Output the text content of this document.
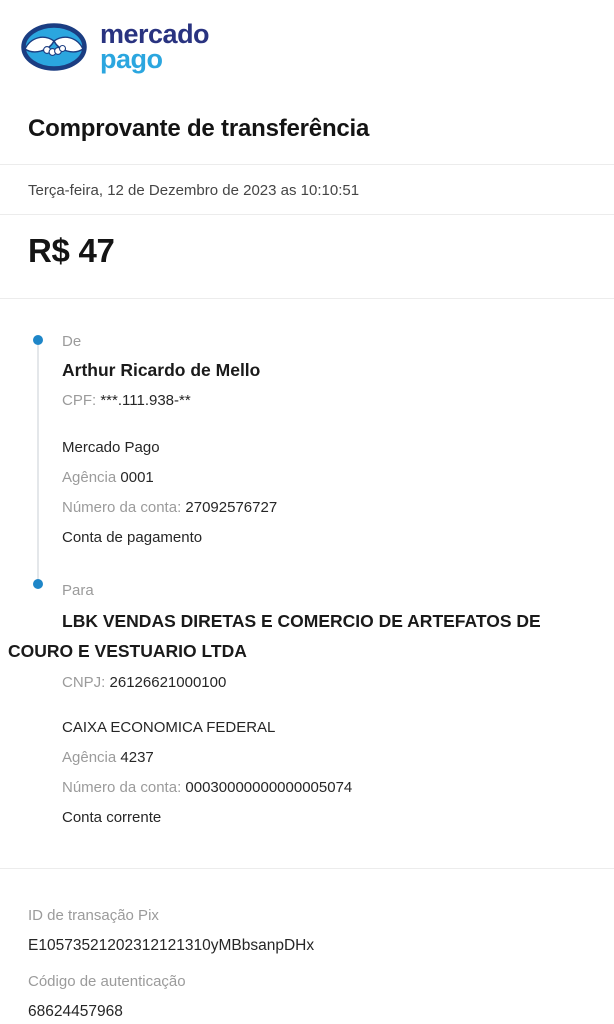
mercado
pago
Comprovante de transferência
Terça-feira, 12 de Dezembro de 2023 as 10:10:51
R$ 47
De
Arthur Ricardo de Mello
CPF: ***.111.938-**
Mercado Pago
Agência 0001
Número da conta: 27092576727
Conta de pagamento
Para
LBK VENDAS DIRETAS E COMERCIO DE ARTEFATOS DE COURO E VESTUARIO LTDA
CNPJ: 26126621000100
CAIXA ECONOMICA FEDERAL
Agência 4237
Número da conta: 00030000000000005074
Conta corrente
ID de transação Pix
E10573521202312121310yMBbsanpDHx
Código de autenticação
68624457968
